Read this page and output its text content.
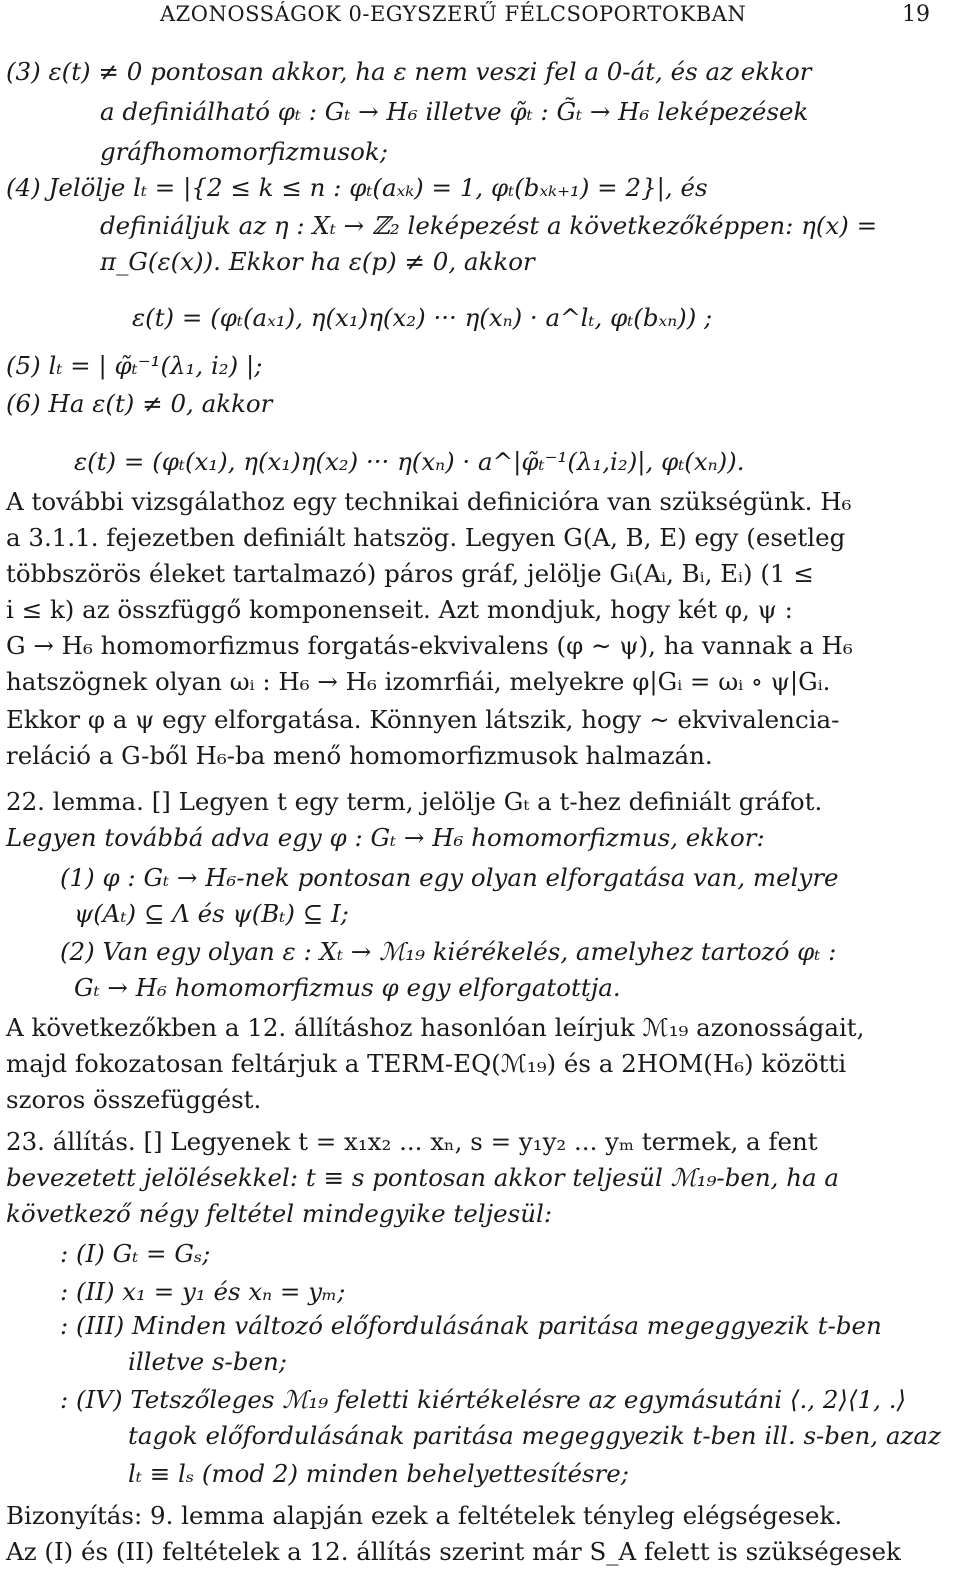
AZONOSSÁGOK 0-EGYSZERŰ FÉLCSOPORTOKBAN	19
(3) ε(t) ≠ 0 pontosan akkor, ha ε nem veszi fel a 0-át, és az ekkor
a definiálható φₜ : Gₜ → H₆ illetve φ̃ₜ : G̃ₜ → H₆ leképezések
gráfhomomorfizmusok;
(4) Jelölje lₜ = |{2 ≤ k ≤ n : φₜ(aₓₖ) = 1, φₜ(bₓₖ₊₁) = 2}|, és
definiáljuk az η : Xₜ → ℤ₂ leképezést a következőképpen: η(x) =
π_G(ε(x)). Ekkor ha ε(p) ≠ 0, akkor
ε(t) = (φₜ(aₓ₁), η(x₁)η(x₂) ··· η(xₙ) · a^lₜ, φₜ(bₓₙ)) ;
(5) lₜ = | φ̃ₜ⁻¹(λ₁, i₂) |;
(6) Ha ε(t) ≠ 0, akkor
ε(t) = (φₜ(x₁), η(x₁)η(x₂) ··· η(xₙ) · a^|φ̃ₜ⁻¹(λ₁,i₂)|, φₜ(xₙ)).
A további vizsgálathoz egy technikai definicióra van szükségünk. H₆
a 3.1.1. fejezetben definiált hatszög. Legyen G(A, B, E) egy (esetleg
többszörös éleket tartalmazó) páros gráf, jelölje Gᵢ(Aᵢ, Bᵢ, Eᵢ) (1 ≤
i ≤ k) az összfüggő komponenseit. Azt mondjuk, hogy két φ, ψ :
G → H₆ homomorfizmus forgatás-ekvivalens (φ ∼ ψ), ha vannak a H₆
hatszögnek olyan ωᵢ : H₆ → H₆ izomrfiái, melyekre φ|Gᵢ = ωᵢ ∘ ψ|Gᵢ.
Ekkor φ a ψ egy elforgatása. Könnyen látszik, hogy ∼ ekvivalencia-
reláció a G-ből H₆-ba menő homomorfizmusok halmazán.
22. lemma. [] Legyen t egy term, jelölje Gₜ a t-hez definiált gráfot.
Legyen továbbá adva egy φ : Gₜ → H₆ homomorfizmus, ekkor:
(1) φ : Gₜ → H₆-nek pontosan egy olyan elforgatása van, melyre
ψ(Aₜ) ⊆ Λ és ψ(Bₜ) ⊆ I;
(2) Van egy olyan ε : Xₜ → ℳ₁₉ kiérékelés, amelyhez tartozó φₜ :
Gₜ → H₆ homomorfizmus φ egy elforgatottja.
A következőkben a 12. állításhoz hasonlóan leírjuk ℳ₁₉ azonosságait,
majd fokozatosan feltárjuk a TERM-EQ(ℳ₁₉) és a 2HOM(H₆) közötti
szoros összefüggést.
23. állítás. [] Legyenek t = x₁x₂ ... xₙ, s = y₁y₂ ... yₘ termek, a fent
bevezetett jelölésekkel: t ≡ s pontosan akkor teljesül ℳ₁₉-ben, ha a
következő négy feltétel mindegyike teljesül:
: (I) Gₜ = Gₛ;
: (II) x₁ = y₁ és xₙ = yₘ;
: (III) Minden változó előfordulásának paritása megeggyezik t-ben
illetve s-ben;
: (IV) Tetszőleges ℳ₁₉ feletti kiértékelésre az egymásutáni ⟨., 2⟩⟨1, .⟩
tagok előfordulásának paritása megeggyezik t-ben ill. s-ben, azaz
lₜ ≡ lₛ (mod 2) minden behelyettesítésre;
Bizonyítás: 9. lemma alapján ezek a feltételek tényleg elégségesek.
Az (I) és (II) feltételek a 12. állítás szerint már S_A felett is szükségesek
